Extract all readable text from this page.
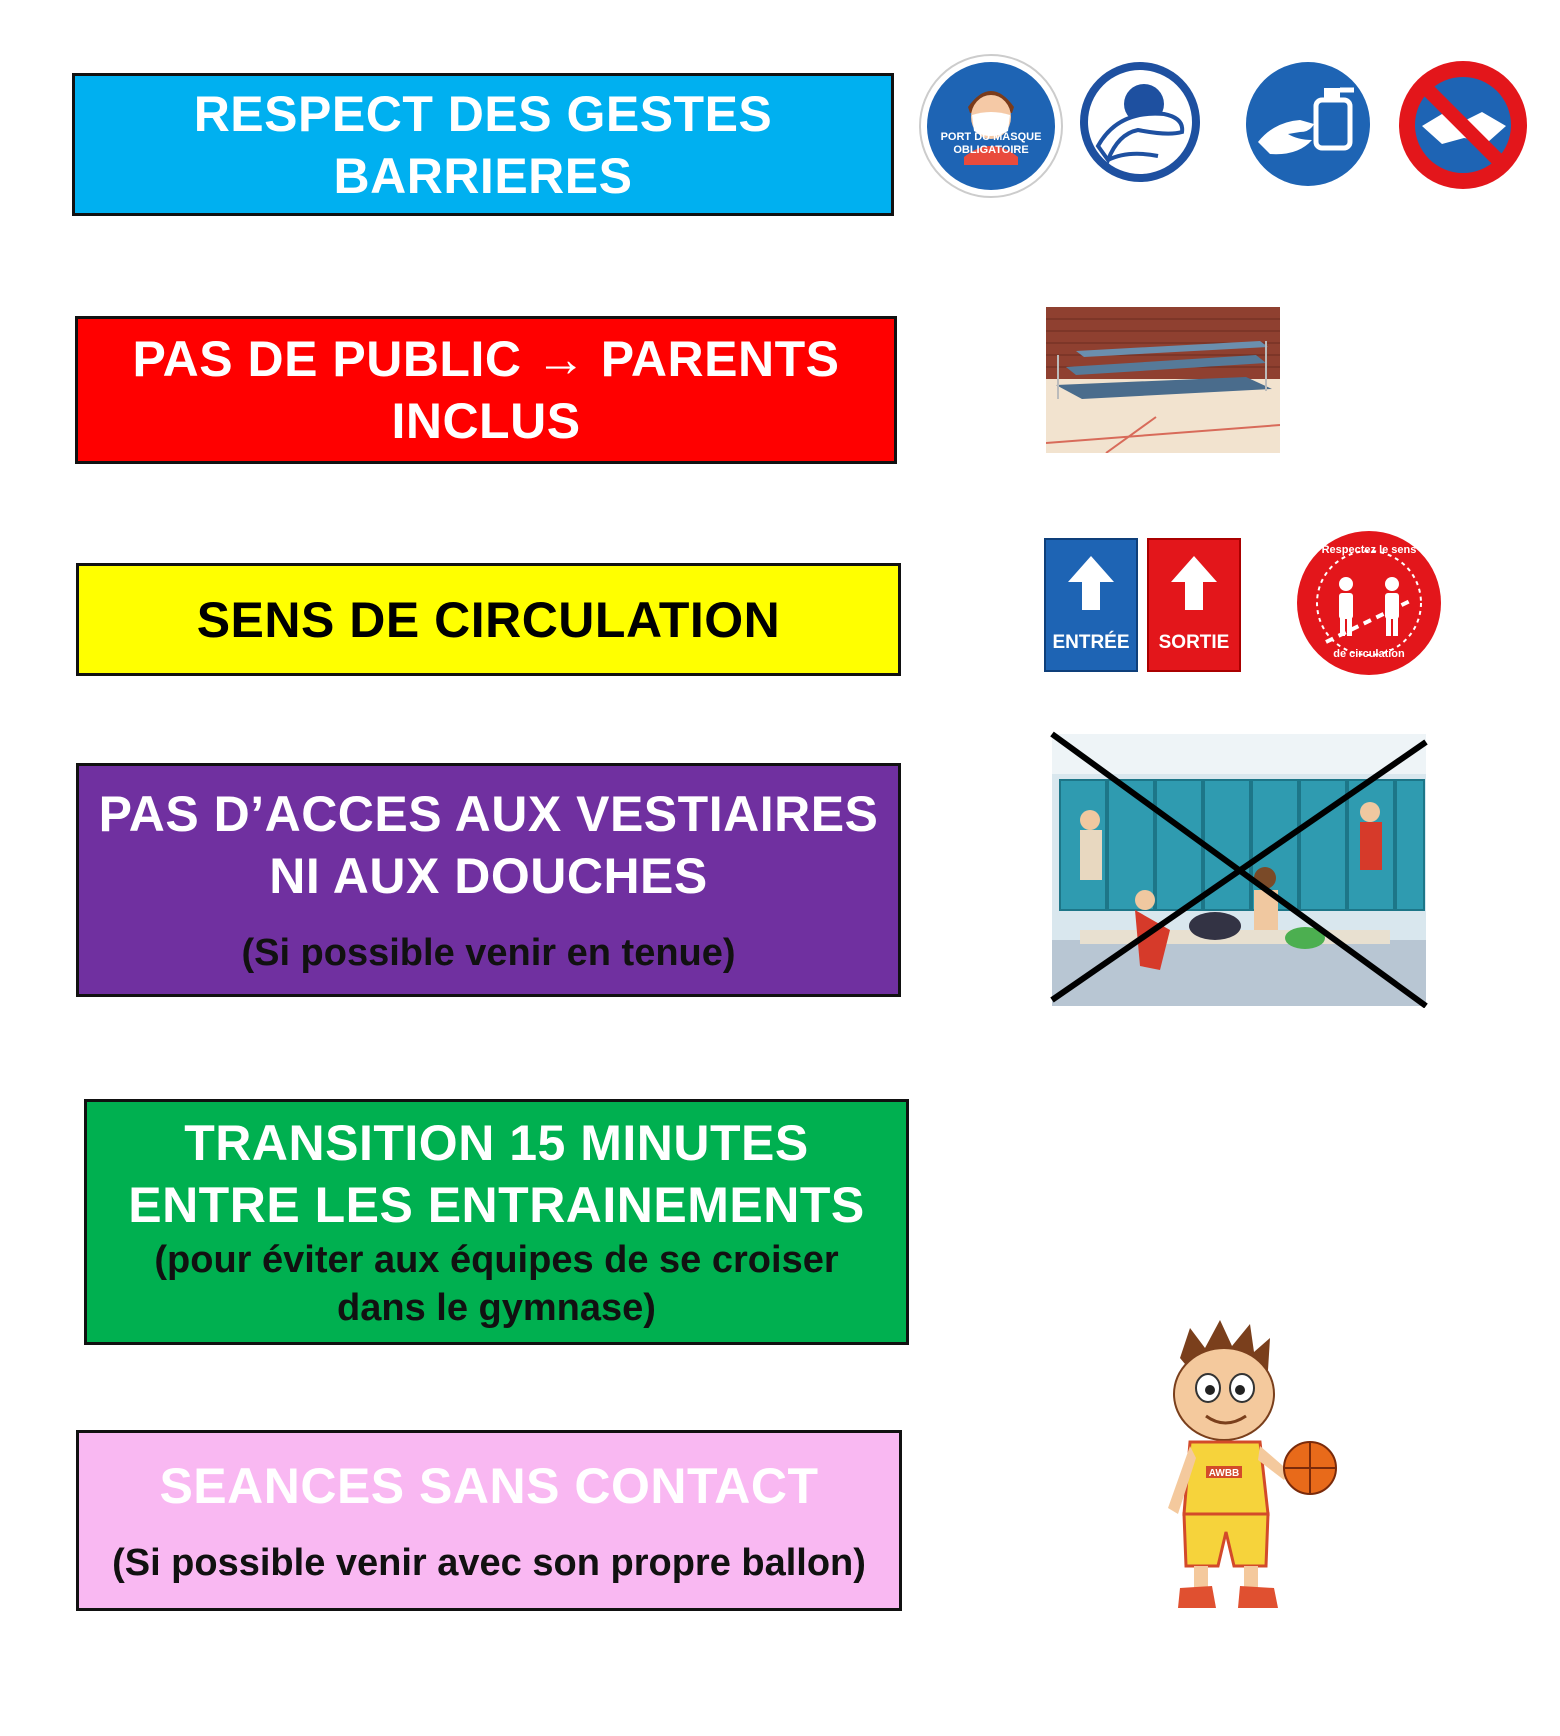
RESPECT DES GESTES
BARRIERES
PORT DU MASQUE
OBLIGATOIRE
PAS DE PUBLIC → PARENTS
INCLUS
SENS DE CIRCULATION	ENTRÉE	SORTIE
Respectez le sens
de circulation
PAS D’ACCES AUX VESTIAIRES
NI AUX DOUCHES
(Si possible venir en tenue)
TRANSITION 15 MINUTES
ENTRE LES ENTRAINEMENTS
(pour éviter aux équipes de se croiser
dans le gymnase)
SEANCES SANS CONTACT
(Si possible venir avec son propre ballon)
AWBB
